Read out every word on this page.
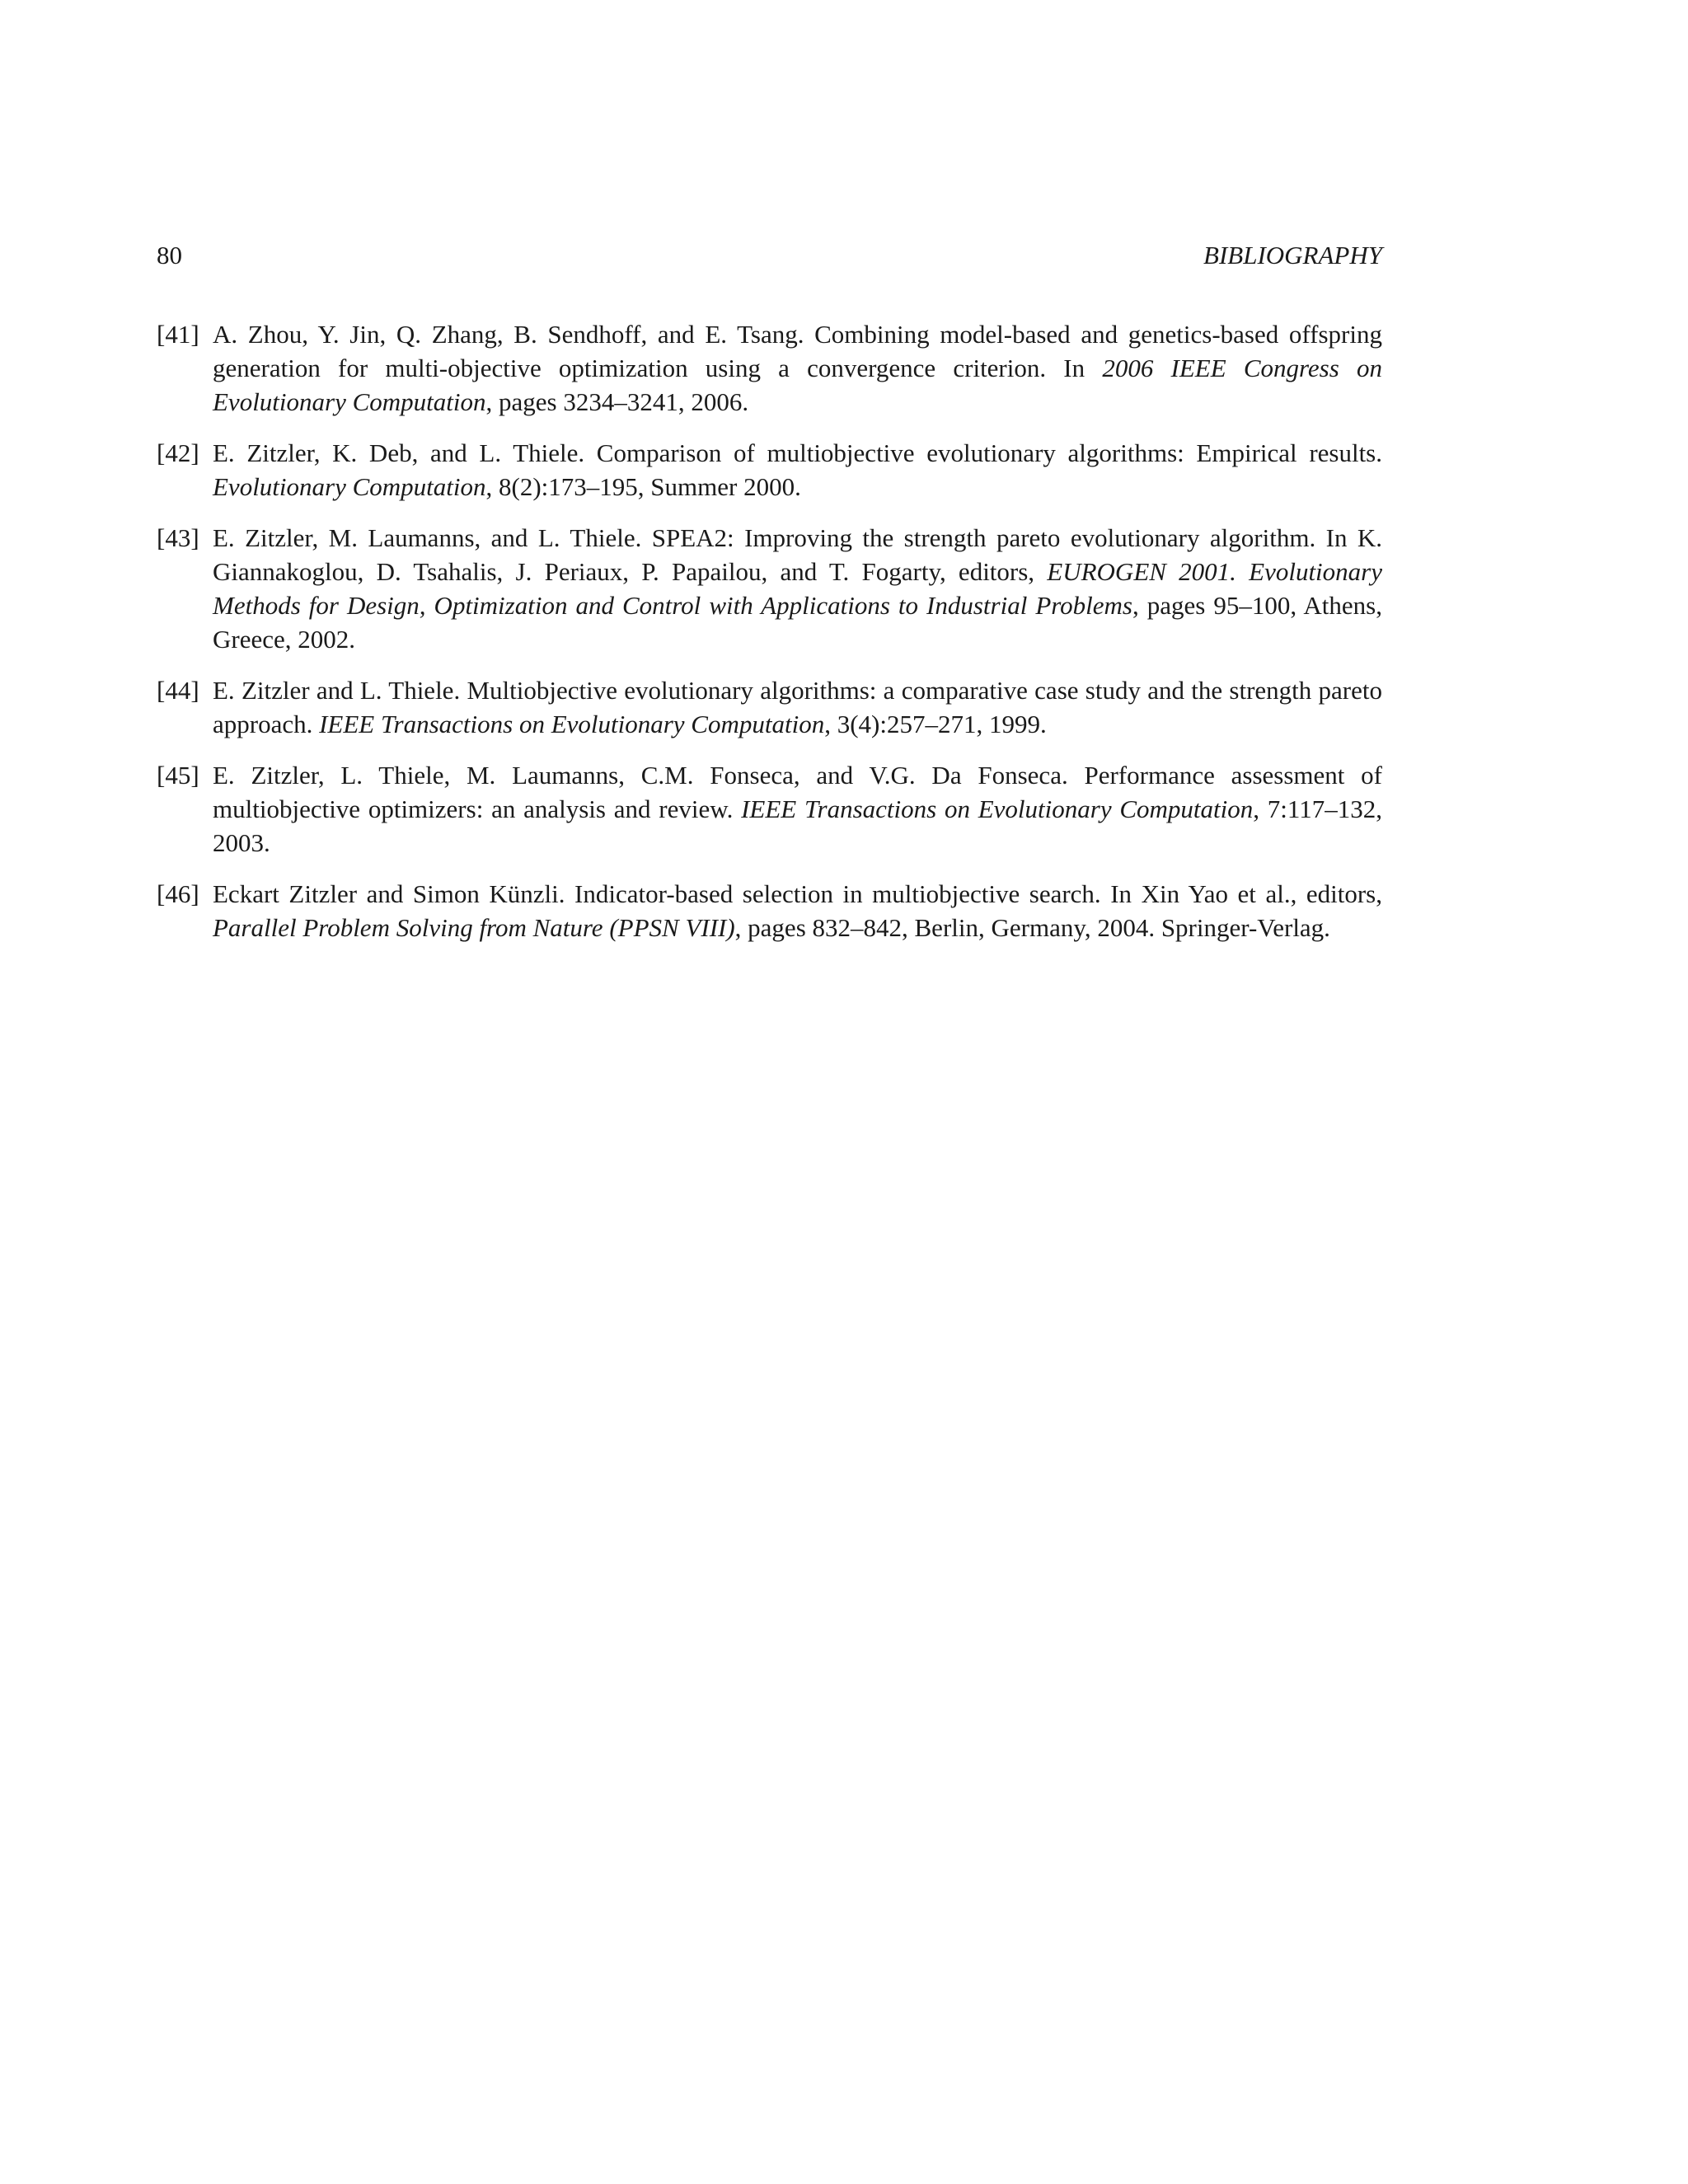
80	BIBLIOGRAPHY
[41] A. Zhou, Y. Jin, Q. Zhang, B. Sendhoff, and E. Tsang. Combining model-based and genetics-based offspring generation for multi-objective optimization using a convergence criterion. In 2006 IEEE Congress on Evolutionary Computation, pages 3234–3241, 2006.
[42] E. Zitzler, K. Deb, and L. Thiele. Comparison of multiobjective evolutionary algorithms: Empirical results. Evolutionary Computation, 8(2):173–195, Summer 2000.
[43] E. Zitzler, M. Laumanns, and L. Thiele. SPEA2: Improving the strength pareto evolutionary algorithm. In K. Giannakoglou, D. Tsahalis, J. Periaux, P. Papailou, and T. Fogarty, editors, EUROGEN 2001. Evolutionary Methods for Design, Optimization and Control with Applications to Industrial Problems, pages 95–100, Athens, Greece, 2002.
[44] E. Zitzler and L. Thiele. Multiobjective evolutionary algorithms: a comparative case study and the strength pareto approach. IEEE Transactions on Evolutionary Computation, 3(4):257–271, 1999.
[45] E. Zitzler, L. Thiele, M. Laumanns, C.M. Fonseca, and V.G. Da Fonseca. Performance assessment of multiobjective optimizers: an analysis and review. IEEE Transactions on Evolutionary Computation, 7:117–132, 2003.
[46] Eckart Zitzler and Simon Künzli. Indicator-based selection in multiobjective search. In Xin Yao et al., editors, Parallel Problem Solving from Nature (PPSN VIII), pages 832–842, Berlin, Germany, 2004. Springer-Verlag.
